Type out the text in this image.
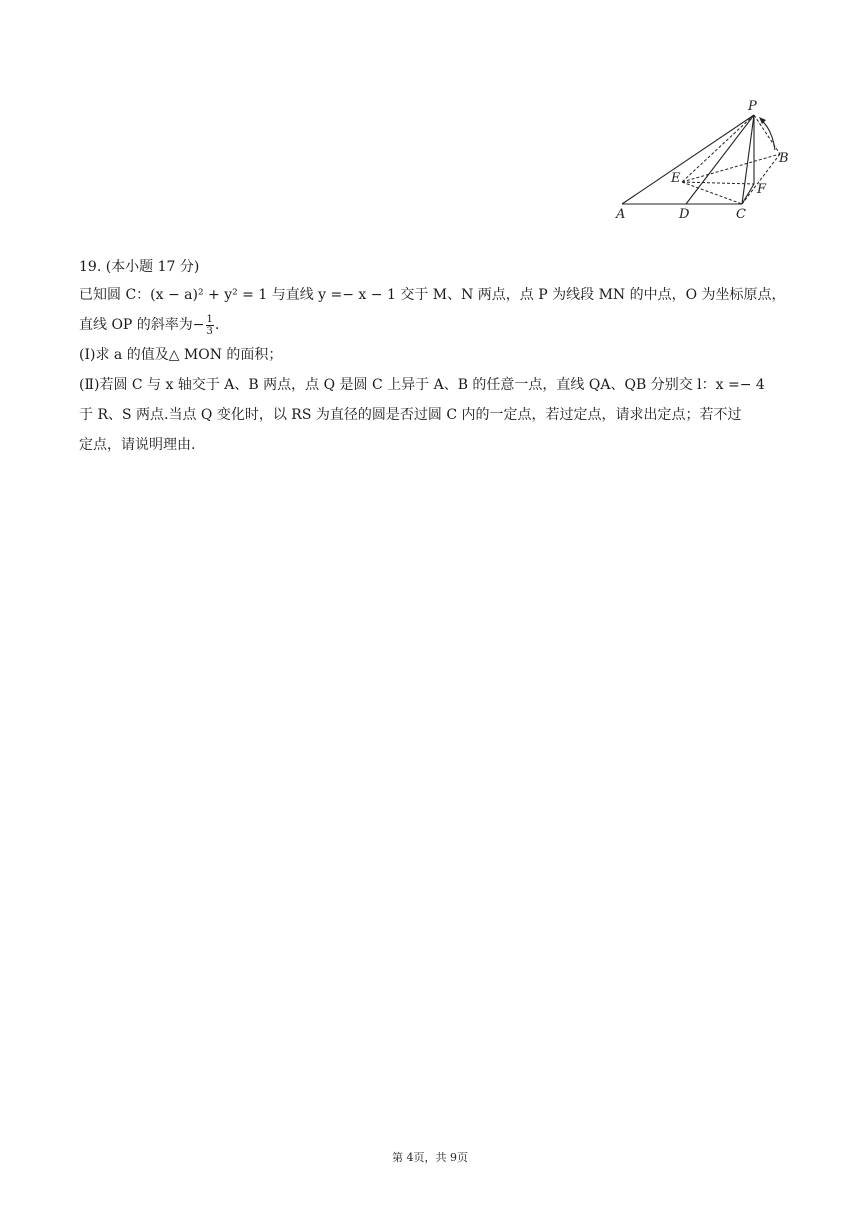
P
B
E
F
A	D	C

19. (本小题 17 分)

已知圆 C：(x − a)² + y² = 1 与直线 y =− x − 1 交于 M、N 两点，点 P 为线段 MN 的中点，O 为坐标原点，

直线 OP 的斜率为− $\frac{1}{3}$ .

(Ⅰ)求 a 的值及△ MON 的面积；

(Ⅱ)若圆 C 与 x 轴交于 A、B 两点，点 Q 是圆 C 上异于 A、B 的任意一点，直线 QA、QB 分别交 l：x =− 4

于 R、S 两点.当点 Q 变化时，以 RS 为直径的圆是否过圆 C 内的一定点，若过定点，请求出定点；若不过

定点，请说明理由.

第 4页，共 9页
